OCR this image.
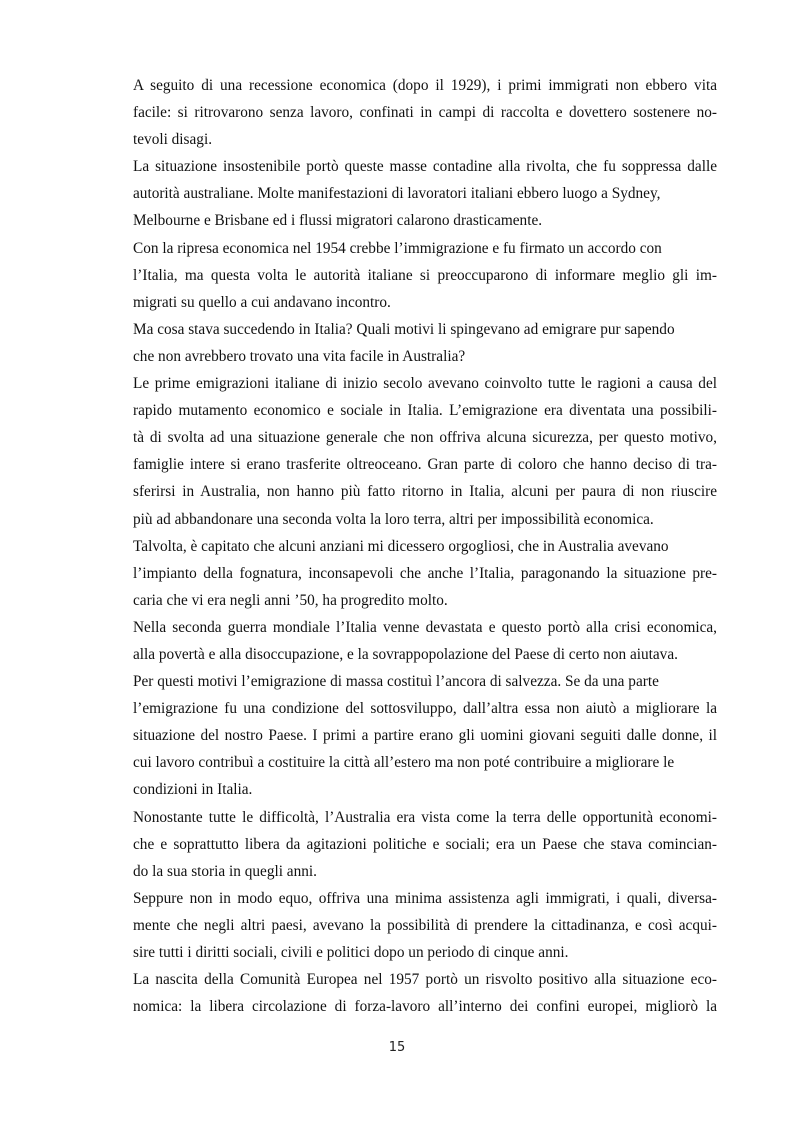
A seguito di una recessione economica (dopo il 1929), i primi immigrati non ebbero vita
facile: si ritrovarono senza lavoro, confinati in campi di raccolta e dovettero sostenere no-
tevoli disagi.
La situazione insostenibile portò queste masse contadine alla rivolta, che fu soppressa dalle
autorità australiane. Molte manifestazioni di lavoratori italiani ebbero luogo a Sydney,
Melbourne e Brisbane ed i flussi migratori calarono drasticamente.
Con la ripresa economica nel 1954 crebbe l’immigrazione e fu firmato un accordo con
l’Italia, ma questa volta le autorità italiane si preoccuparono di informare meglio gli im-
migrati su quello a cui andavano incontro.
Ma cosa stava succedendo in Italia? Quali motivi li spingevano ad emigrare pur sapendo
che non avrebbero trovato una vita facile in Australia?
Le prime emigrazioni italiane di inizio secolo avevano coinvolto tutte le ragioni a causa del
rapido mutamento economico e sociale in Italia. L’emigrazione era diventata una possibili-
tà di svolta ad una situazione generale che non offriva alcuna sicurezza, per questo motivo,
famiglie intere si erano trasferite oltreoceano. Gran parte di coloro che hanno deciso di tra-
sferirsi in Australia, non hanno più fatto ritorno in Italia, alcuni per paura di non riuscire
più ad abbandonare una seconda volta la loro terra, altri per impossibilità economica.
Talvolta, è capitato che alcuni anziani mi dicessero orgogliosi, che in Australia avevano
l’impianto della fognatura, inconsapevoli che anche l’Italia, paragonando la situazione pre-
caria che vi era negli anni ’50, ha progredito molto.
Nella seconda guerra mondiale l’Italia venne devastata e questo portò alla crisi economica,
alla povertà e alla disoccupazione, e la sovrappopolazione del Paese di certo non aiutava.
Per questi motivi l’emigrazione di massa costituì l’ancora di salvezza. Se da una parte
l’emigrazione fu una condizione del sottosviluppo, dall’altra essa non aiutò a migliorare la
situazione del nostro Paese. I primi a partire erano gli uomini giovani seguiti dalle donne, il
cui lavoro contribuì a costituire la città all’estero ma non poté contribuire a migliorare le
condizioni in Italia.
Nonostante tutte le difficoltà, l’Australia era vista come la terra delle opportunità economi-
che e soprattutto libera da agitazioni politiche e sociali; era un Paese che stava comincian-
do la sua storia in quegli anni.
Seppure non in modo equo, offriva una minima assistenza agli immigrati, i quali, diversa-
mente che negli altri paesi, avevano la possibilità di prendere la cittadinanza, e così acqui-
sire tutti i diritti sociali, civili e politici dopo un periodo di cinque anni.
La nascita della Comunità Europea nel 1957 portò un risvolto positivo alla situazione eco-
nomica: la libera circolazione di forza-lavoro all’interno dei confini europei, migliorò la
15
